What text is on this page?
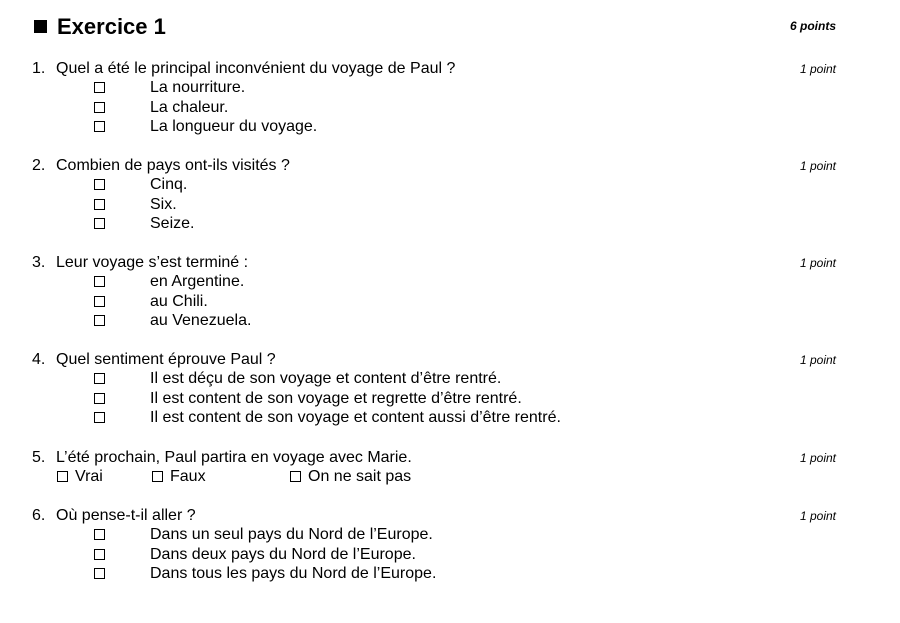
Exercice 1	6 points
1. Quel a été le principal inconvénient du voyage de Paul ?	1 point
La nourriture.
La chaleur.
La longueur du voyage.
2. Combien de pays ont-ils visités ?	1 point
Cinq.
Six.
Seize.
3. Leur voyage s’est terminé :	1 point
en Argentine.
au Chili.
au Venezuela.
4. Quel sentiment éprouve Paul ?	1 point
Il est déçu de son voyage et content d’être rentré.
Il est content de son voyage et regrette d’être rentré.
Il est content de son voyage et content aussi d’être rentré.
5. L’été prochain, Paul partira en voyage avec Marie.	1 point
Vrai	Faux	On ne sait pas
6. Où pense-t-il aller ?	1 point
Dans un seul pays du Nord de l’Europe.
Dans deux pays du Nord de l’Europe.
Dans tous les pays du Nord de l’Europe.
